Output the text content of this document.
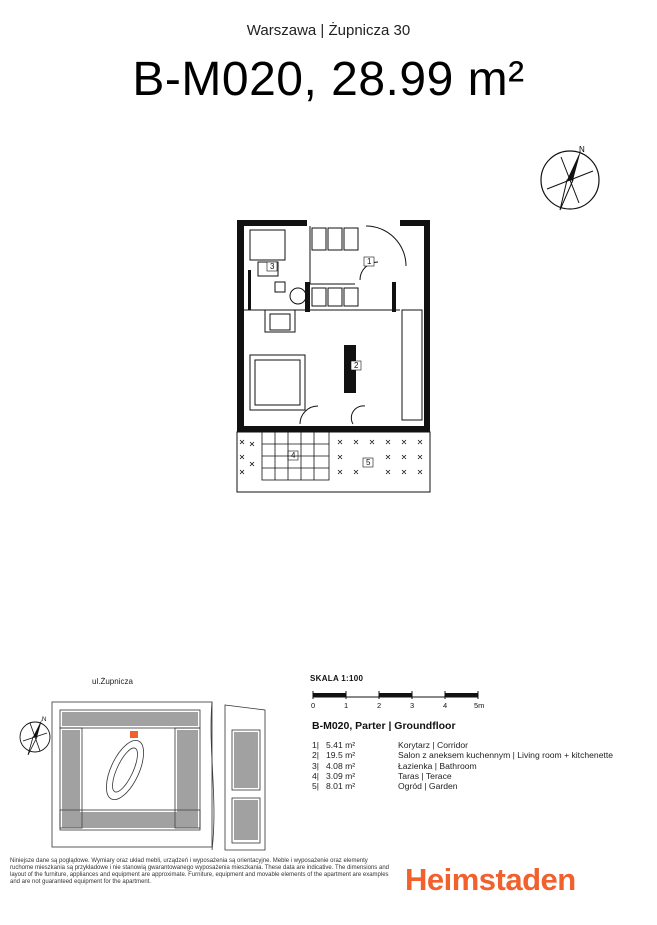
Warszawa | Żupnicza 30
B-M020, 28.99 m²
N
1
2
3
4
5
ul.Żupnicza
N
SKALA 1:100
0	1	2	3	4	5m
B-M020, Parter | Groundfloor
1| 5.41 m²	Korytarz | Corridor
2| 19.5 m²	Salon z aneksem kuchennym | Living room + kitchenette
3| 4.08 m²	Łazienka | Bathroom
4| 3.09 m²	Taras | Terace
5| 8.01 m²	Ogród | Garden
Niniejsze dane są poglądowe. Wymiary oraz układ mebli, urządzeń i wyposażenia są orientacyjne. Meble i wyposażenie oraz elementy ruchome mieszkania są przykładowe i nie stanowią gwarantowanego wyposażenia mieszkania. These data are indicative. The dimensions and layout of the furniture, appliances and equipment are approximate. Furniture, equipment and movable elements of the apartment are examples and are not guaranteed equipment for the apartment.	Heimstaden
